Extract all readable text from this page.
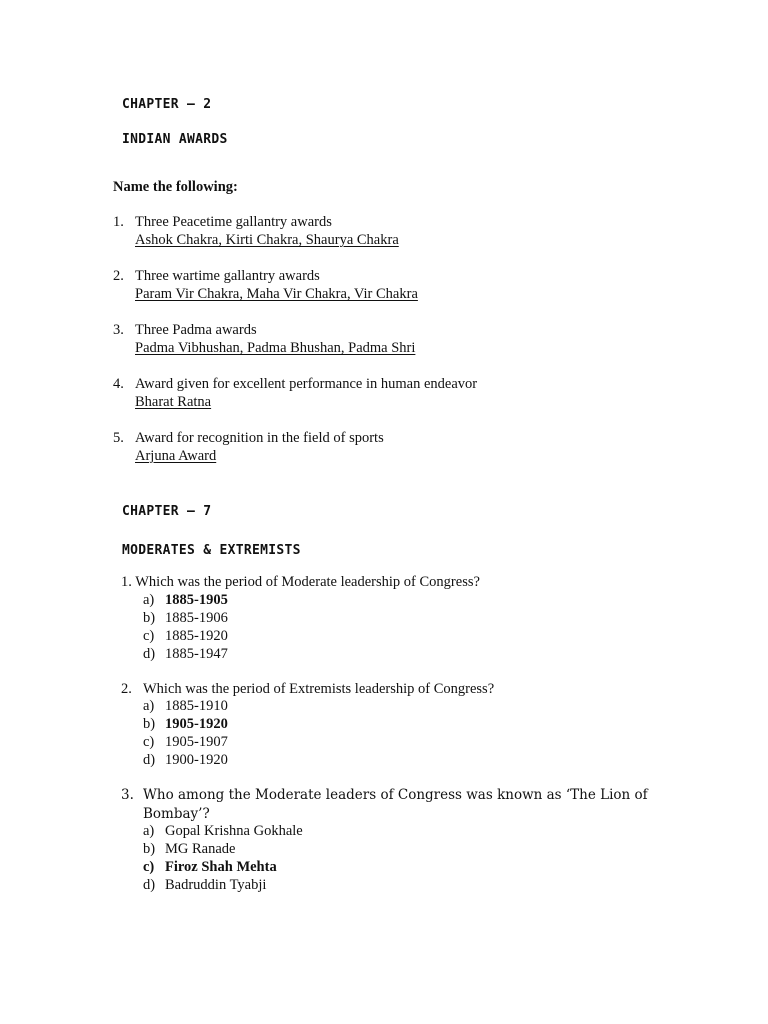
CHAPTER – 2
INDIAN AWARDS
Name the following:
1. Three Peacetime gallantry awards
Ashok Chakra, Kirti Chakra, Shaurya Chakra
2. Three wartime gallantry awards
Param Vir Chakra, Maha Vir Chakra, Vir Chakra
3. Three Padma awards
Padma Vibhushan, Padma Bhushan, Padma Shri
4. Award given for excellent performance in human endeavor
Bharat Ratna
5. Award for recognition in the field of sports
Arjuna Award
CHAPTER – 7
MODERATES & EXTREMISTS
1. Which was the period of Moderate leadership of Congress?
a) 1885-1905
b) 1885-1906
c) 1885-1920
d) 1885-1947
2. Which was the period of Extremists leadership of Congress?
a) 1885-1910
b) 1905-1920
c) 1905-1907
d) 1900-1920
3. Who among the Moderate leaders of Congress was known as ‘The Lion of
Bombay’?
a) Gopal Krishna Gokhale
b) MG Ranade
c) Firoz Shah Mehta
d) Badruddin Tyabji
